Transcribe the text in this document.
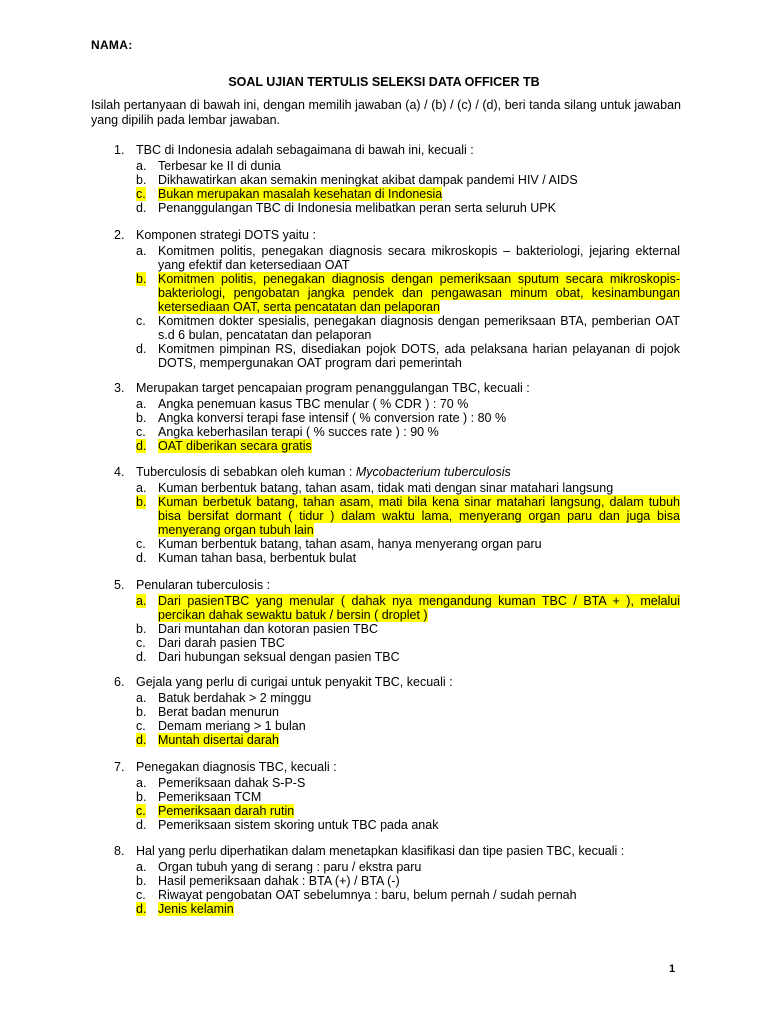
NAMA:
SOAL UJIAN TERTULIS SELEKSI DATA OFFICER TB
Isilah pertanyaan di bawah ini, dengan memilih jawaban (a) / (b) / (c) / (d), beri tanda silang untuk jawaban yang dipilih pada lembar jawaban.
1. TBC di Indonesia adalah sebagaimana di bawah ini, kecuali :
a. Terbesar ke II di dunia
b. Dikhawatirkan akan semakin meningkat akibat dampak pandemi HIV / AIDS
c. Bukan merupakan masalah kesehatan di Indonesia
d. Penanggulangan TBC di Indonesia melibatkan peran serta seluruh UPK
2. Komponen strategi DOTS yaitu :
a. Komitmen politis, penegakan diagnosis secara mikroskopis – bakteriologi, jejaring ekternal yang efektif dan ketersediaan OAT
b. Komitmen politis, penegakan diagnosis dengan pemeriksaan sputum secara mikroskopis-bakteriologi, pengobatan jangka pendek dan pengawasan minum obat, kesinambungan ketersediaan OAT, serta pencatatan dan pelaporan
c. Komitmen dokter spesialis, penegakan diagnosis dengan pemeriksaan BTA, pemberian OAT s.d 6 bulan, pencatatan dan pelaporan
d. Komitmen pimpinan RS, disediakan pojok DOTS, ada pelaksana harian pelayanan di pojok DOTS, mempergunakan OAT program dari pemerintah
3. Merupakan target pencapaian program penanggulangan TBC, kecuali :
a. Angka penemuan kasus TBC menular ( % CDR ) : 70 %
b. Angka konversi terapi fase intensif ( % conversion rate ) : 80 %
c. Angka keberhasilan terapi ( % succes rate ) : 90 %
d. OAT diberikan secara gratis
4. Tuberculosis di sebabkan oleh kuman : Mycobacterium tuberculosis
a. Kuman berbentuk batang, tahan asam, tidak mati dengan sinar matahari langsung
b. Kuman berbetuk batang, tahan asam, mati bila kena sinar matahari langsung, dalam tubuh bisa bersifat dormant ( tidur ) dalam waktu lama, menyerang organ paru dan juga bisa menyerang organ tubuh lain
c. Kuman berbentuk batang, tahan asam, hanya menyerang organ paru
d. Kuman tahan basa, berbentuk bulat
5. Penularan tuberculosis :
a. Dari pasienTBC yang menular ( dahak nya mengandung kuman TBC / BTA + ), melalui percikan dahak sewaktu batuk / bersin ( droplet )
b. Dari muntahan dan kotoran pasien TBC
c. Dari darah pasien TBC
d. Dari hubungan seksual dengan pasien TBC
6. Gejala yang perlu di curigai untuk penyakit TBC, kecuali :
a. Batuk berdahak > 2 minggu
b. Berat badan menurun
c. Demam meriang > 1 bulan
d. Muntah disertai darah
7. Penegakan diagnosis TBC, kecuali :
a. Pemeriksaan dahak S-P-S
b. Pemeriksaan TCM
c. Pemeriksaan darah rutin
d. Pemeriksaan sistem skoring untuk TBC pada anak
8. Hal yang perlu diperhatikan dalam menetapkan klasifikasi dan tipe pasien TBC, kecuali :
a. Organ tubuh yang di serang : paru / ekstra paru
b. Hasil pemeriksaan dahak : BTA (+) / BTA (-)
c. Riwayat pengobatan OAT sebelumnya : baru, belum pernah / sudah pernah
d. Jenis kelamin
1
